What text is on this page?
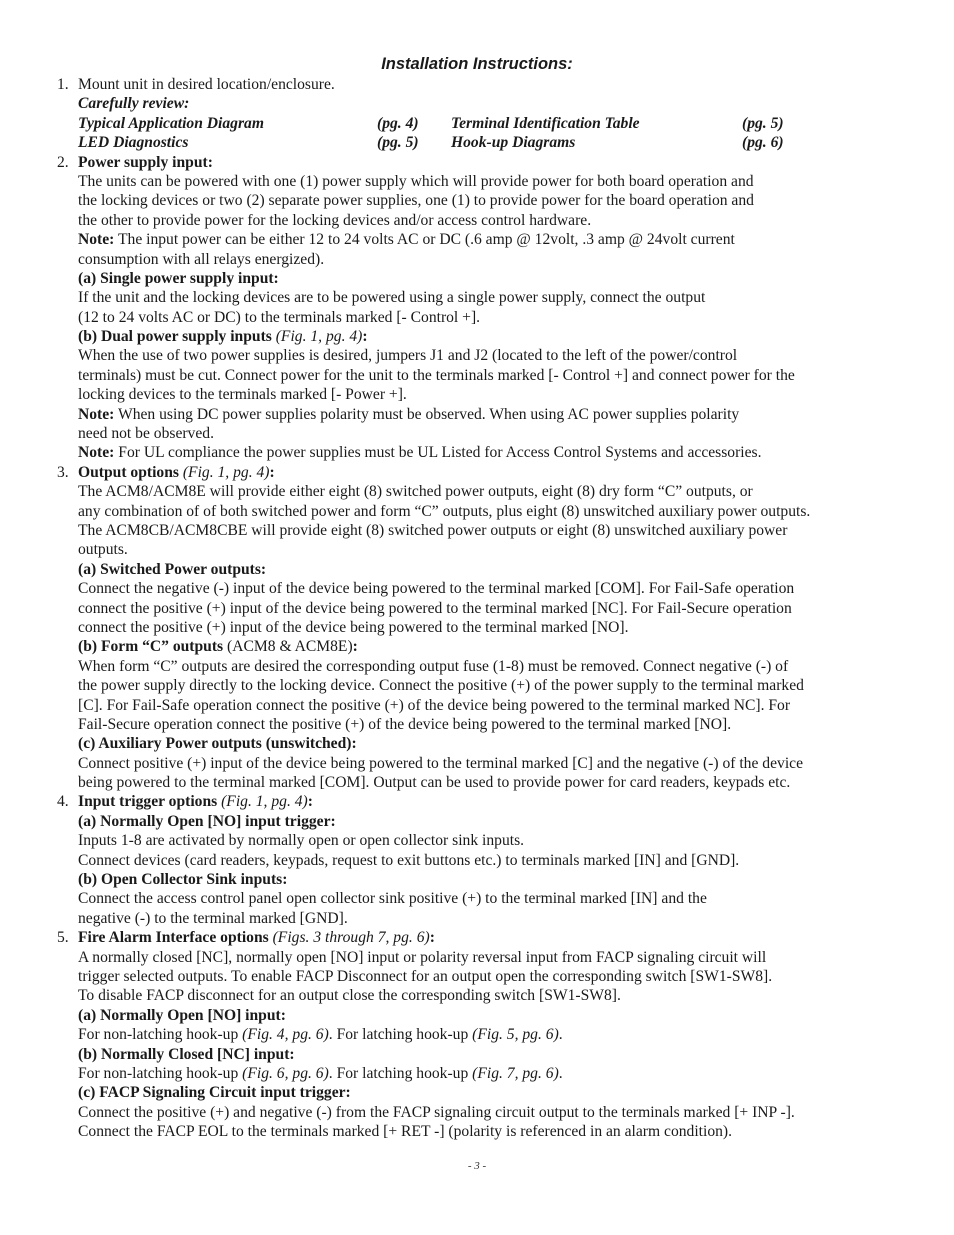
Installation Instructions:
1. Mount unit in desired location/enclosure.
Carefully review:
Typical Application Diagram	(pg. 4) Terminal Identification Table	(pg. 5)
LED Diagnostics	(pg. 5) Hook-up Diagrams	(pg. 6)
2. Power supply input:
The units can be powered with one (1) power supply which will provide power for both board operation and
the locking devices or two (2) separate power supplies, one (1) to provide power for the board operation and
the other to provide power for the locking devices and/or access control hardware.
Note: The input power can be either 12 to 24 volts AC or DC (.6 amp @ 12volt, .3 amp @ 24volt current
consumption with all relays energized).
(a) Single power supply input:
If the unit and the locking devices are to be powered using a single power supply, connect the output
(12 to 24 volts AC or DC) to the terminals marked [- Control +].
(b) Dual power supply inputs (Fig. 1, pg. 4):
When the use of two power supplies is desired, jumpers J1 and J2 (located to the left of the power/control
terminals) must be cut. Connect power for the unit to the terminals marked [- Control +] and connect power for the
locking devices to the terminals marked [- Power +].
Note: When using DC power supplies polarity must be observed. When using AC power supplies polarity
need not be observed.
Note: For UL compliance the power supplies must be UL Listed for Access Control Systems and accessories.
3. Output options (Fig. 1, pg. 4):
The ACM8/ACM8E will provide either eight (8) switched power outputs, eight (8) dry form “C” outputs, or
any combination of of both switched power and form “C” outputs, plus eight (8) unswitched auxiliary power outputs.
The ACM8CB/ACM8CBE will provide eight (8) switched power outputs or eight (8) unswitched auxiliary power
outputs.
(a) Switched Power outputs:
Connect the negative (-) input of the device being powered to the terminal marked [COM]. For Fail-Safe operation
connect the positive (+) input of the device being powered to the terminal marked [NC]. For Fail-Secure operation
connect the positive (+) input of the device being powered to the terminal marked [NO].
(b) Form “C” outputs (ACM8 & ACM8E):
When form “C” outputs are desired the corresponding output fuse (1-8) must be removed. Connect negative (-) of
the power supply directly to the locking device. Connect the positive (+) of the power supply to the terminal marked
[C]. For Fail-Safe operation connect the positive (+) of the device being powered to the terminal marked NC]. For
Fail-Secure operation connect the positive (+) of the device being powered to the terminal marked [NO].
(c) Auxiliary Power outputs (unswitched):
Connect positive (+) input of the device being powered to the terminal marked [C] and the negative (-) of the device
being powered to the terminal marked [COM]. Output can be used to provide power for card readers, keypads etc.
4. Input trigger options (Fig. 1, pg. 4):
(a) Normally Open [NO] input trigger:
Inputs 1-8 are activated by normally open or open collector sink inputs.
Connect devices (card readers, keypads, request to exit buttons etc.) to terminals marked [IN] and [GND].
(b) Open Collector Sink inputs:
Connect the access control panel open collector sink positive (+) to the terminal marked [IN] and the
negative (-) to the terminal marked [GND].
5. Fire Alarm Interface options (Figs. 3 through 7, pg. 6):
A normally closed [NC], normally open [NO] input or polarity reversal input from FACP signaling circuit will
trigger selected outputs. To enable FACP Disconnect for an output open the corresponding switch [SW1-SW8].
To disable FACP disconnect for an output close the corresponding switch [SW1-SW8].
(a) Normally Open [NO] input:
For non-latching hook-up (Fig. 4, pg. 6). For latching hook-up (Fig. 5, pg. 6).
(b) Normally Closed [NC] input:
For non-latching hook-up (Fig. 6, pg. 6). For latching hook-up (Fig. 7, pg. 6).
(c) FACP Signaling Circuit input trigger:
Connect the positive (+) and negative (-) from the FACP signaling circuit output to the terminals marked [+ INP -].
Connect the FACP EOL to the terminals marked [+ RET -] (polarity is referenced in an alarm condition).
- 3 -
